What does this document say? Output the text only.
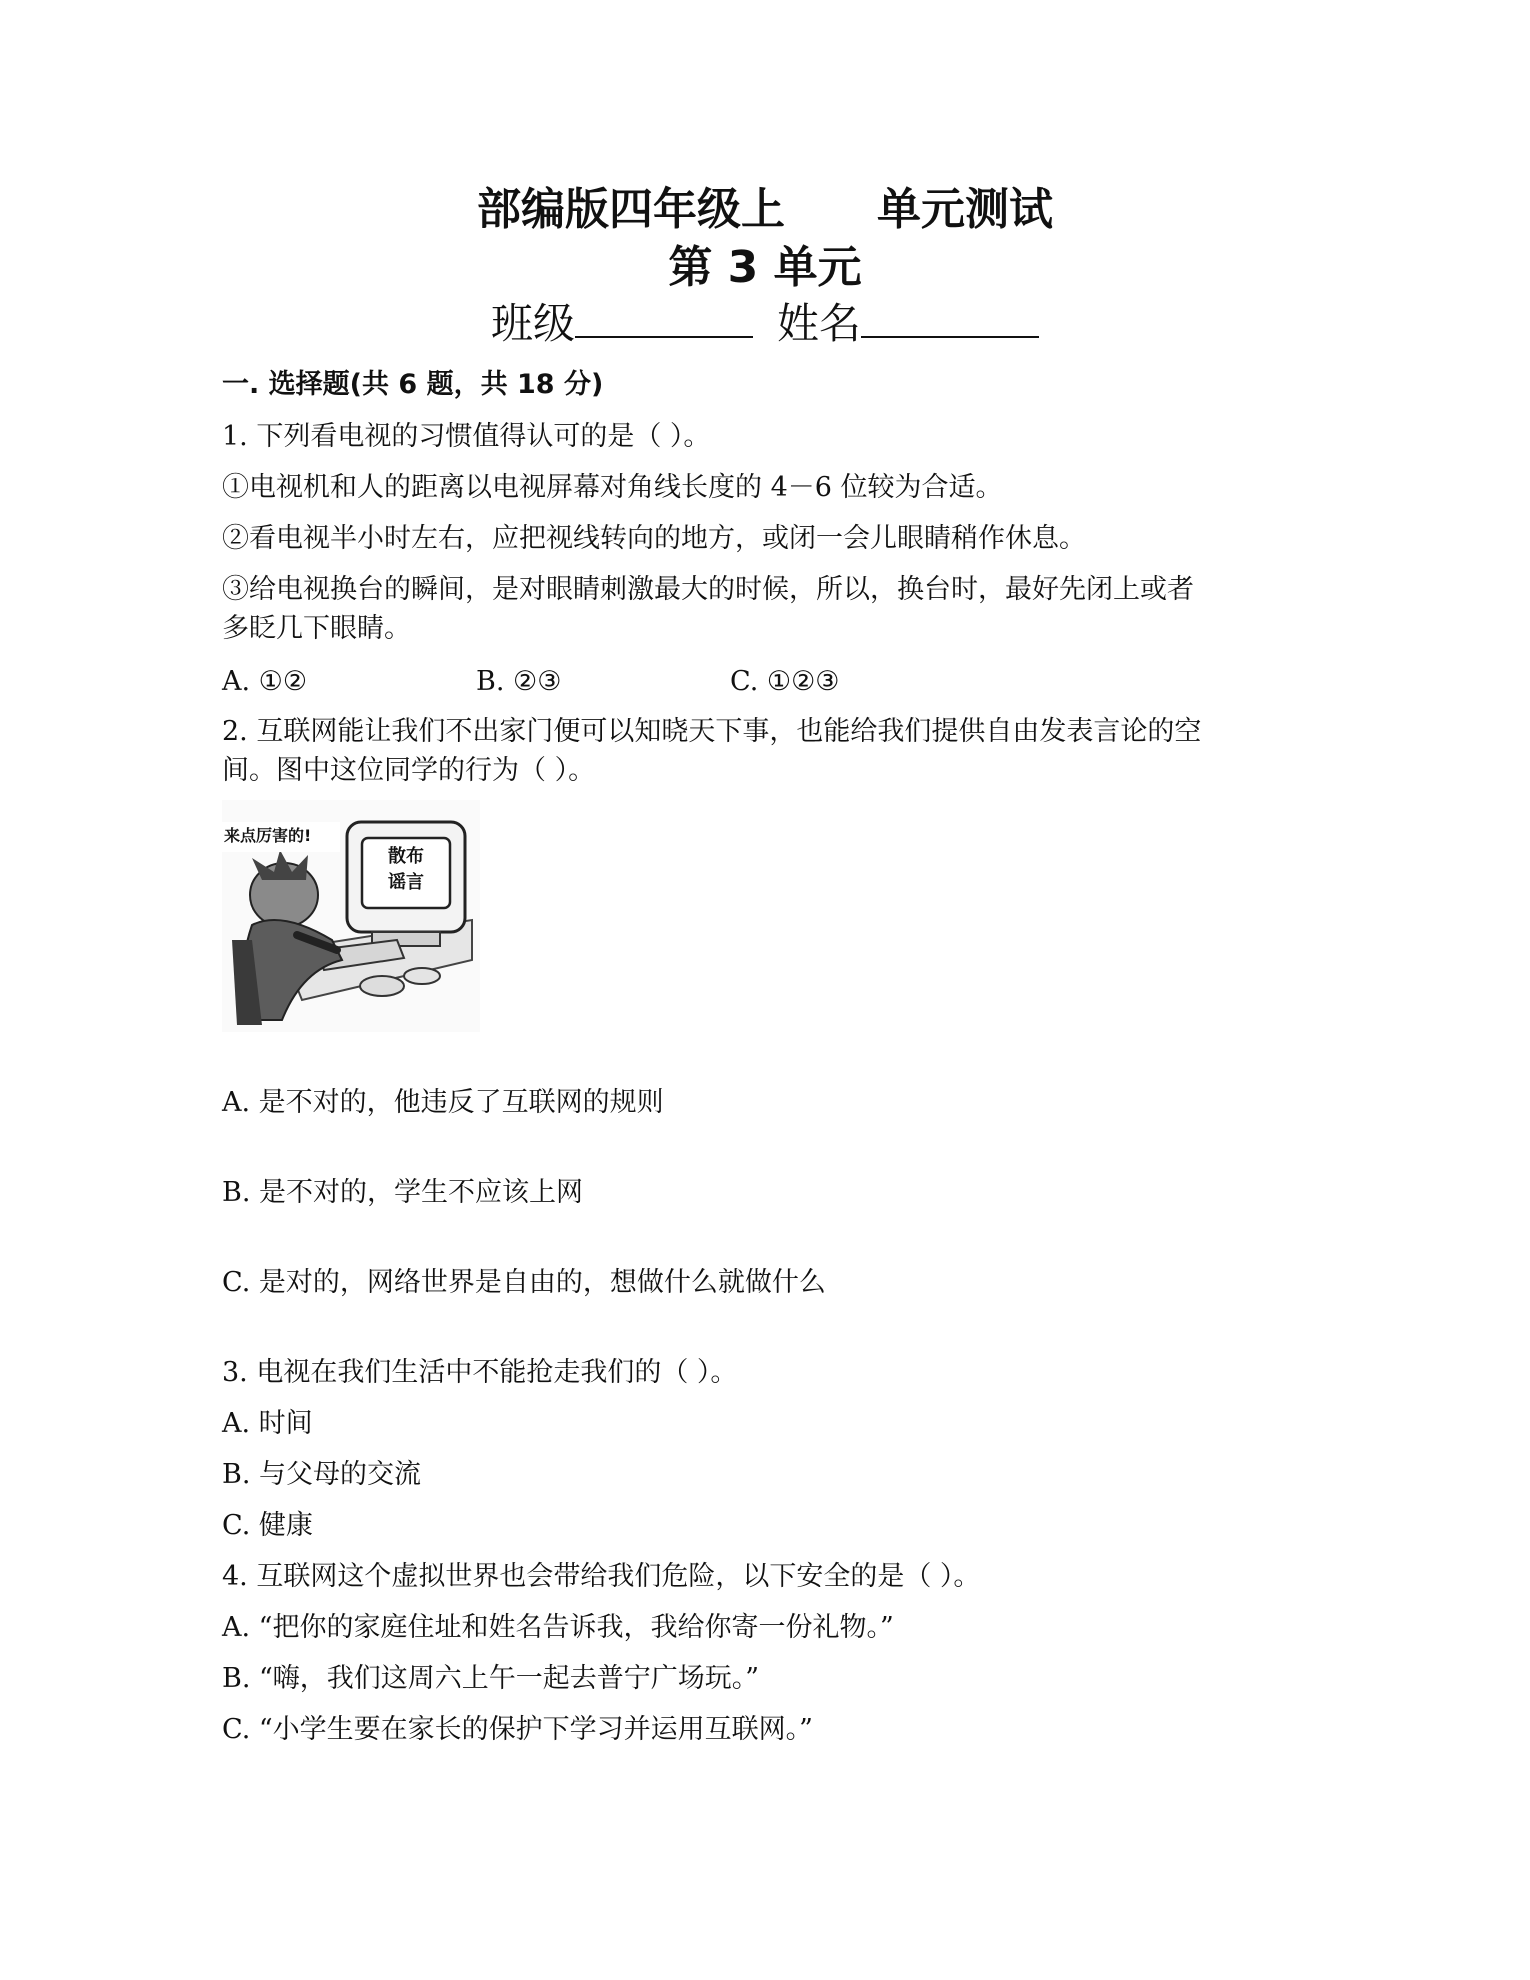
部编版四年级上      单元测试
第 3 单元
班级	姓名
一. 选择题(共 6 题，共 18 分)
1. 下列看电视的习惯值得认可的是（ ）。
①电视机和人的距离以电视屏幕对角线长度的 4－6 位较为合适。
②看电视半小时左右，应把视线转向的地方，或闭一会儿眼睛稍作休息。
③给电视换台的瞬间，是对眼睛刺激最大的时候，所以，换台时，最好先闭上或者
多眨几下眼睛。
A. ①②	B. ②③	C. ①②③
2. 互联网能让我们不出家门便可以知晓天下事，也能给我们提供自由发表言论的空
间。图中这位同学的行为（ ）。
来点厉害的!
散布
谣言
A. 是不对的，他违反了互联网的规则
B. 是不对的，学生不应该上网
C. 是对的，网络世界是自由的，想做什么就做什么
3. 电视在我们生活中不能抢走我们的（ ）。
A. 时间
B. 与父母的交流
C. 健康
4. 互联网这个虚拟世界也会带给我们危险，以下安全的是（ ）。
A. “把你的家庭住址和姓名告诉我，我给你寄一份礼物。”
B. “嗨，我们这周六上午一起去普宁广场玩。”
C. “小学生要在家长的保护下学习并运用互联网。”
